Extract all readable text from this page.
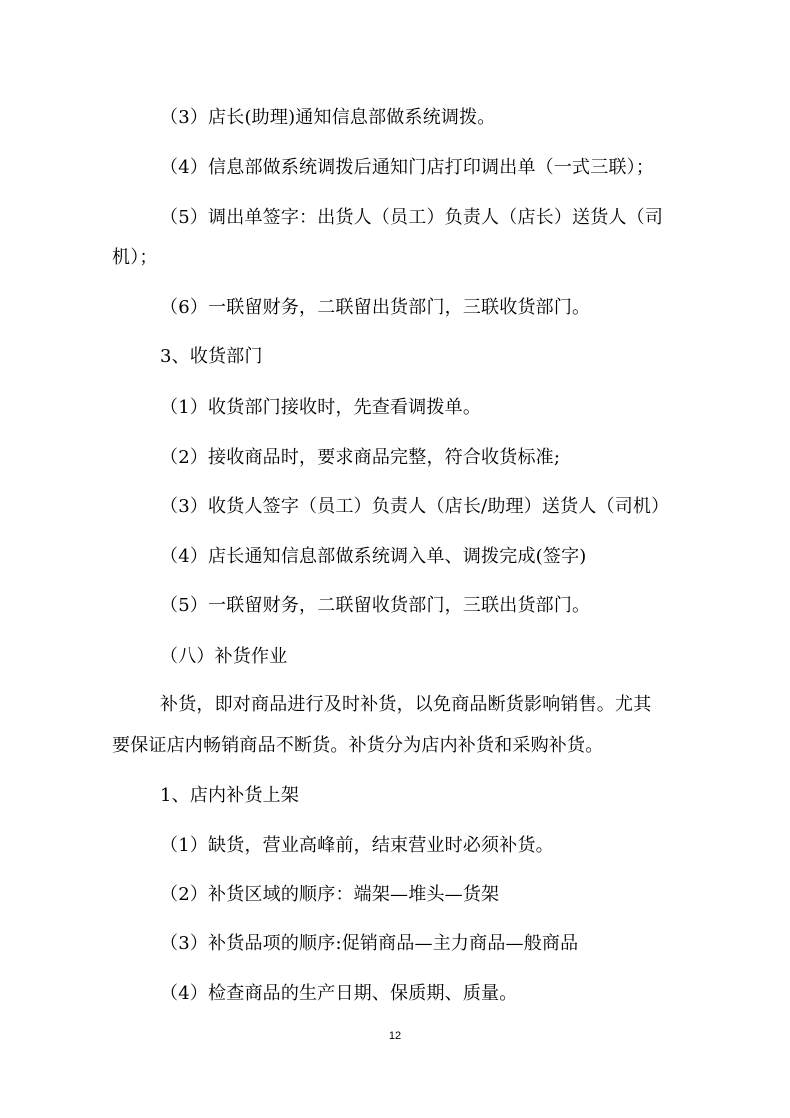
（3）店长(助理)通知信息部做系统调拨。
（4）信息部做系统调拨后通知门店打印调出单（一式三联）；
（5）调出单签字：出货人（员工）负责人（店长）送货人（司
机）；
（6）一联留财务，二联留出货部门，三联收货部门。
3、收货部门
（1）收货部门接收时，先查看调拨单。
（2）接收商品时，要求商品完整，符合收货标准;
（3）收货人签字（员工）负责人（店长/助理）送货人（司机）
（4）店长通知信息部做系统调入单、调拨完成(签字)
（5）一联留财务，二联留收货部门，三联出货部门。
（八）补货作业
补货，即对商品进行及时补货，以免商品断货影响销售。尤其
要保证店内畅销商品不断货。补货分为店内补货和采购补货。
1、店内补货上架
（1）缺货，营业高峰前，结束营业时必须补货。
（2）补货区域的顺序：端架—堆头—货架
（3）补货品项的顺序:促销商品—主力商品—般商品
（4）检查商品的生产日期、保质期、质量。
12
